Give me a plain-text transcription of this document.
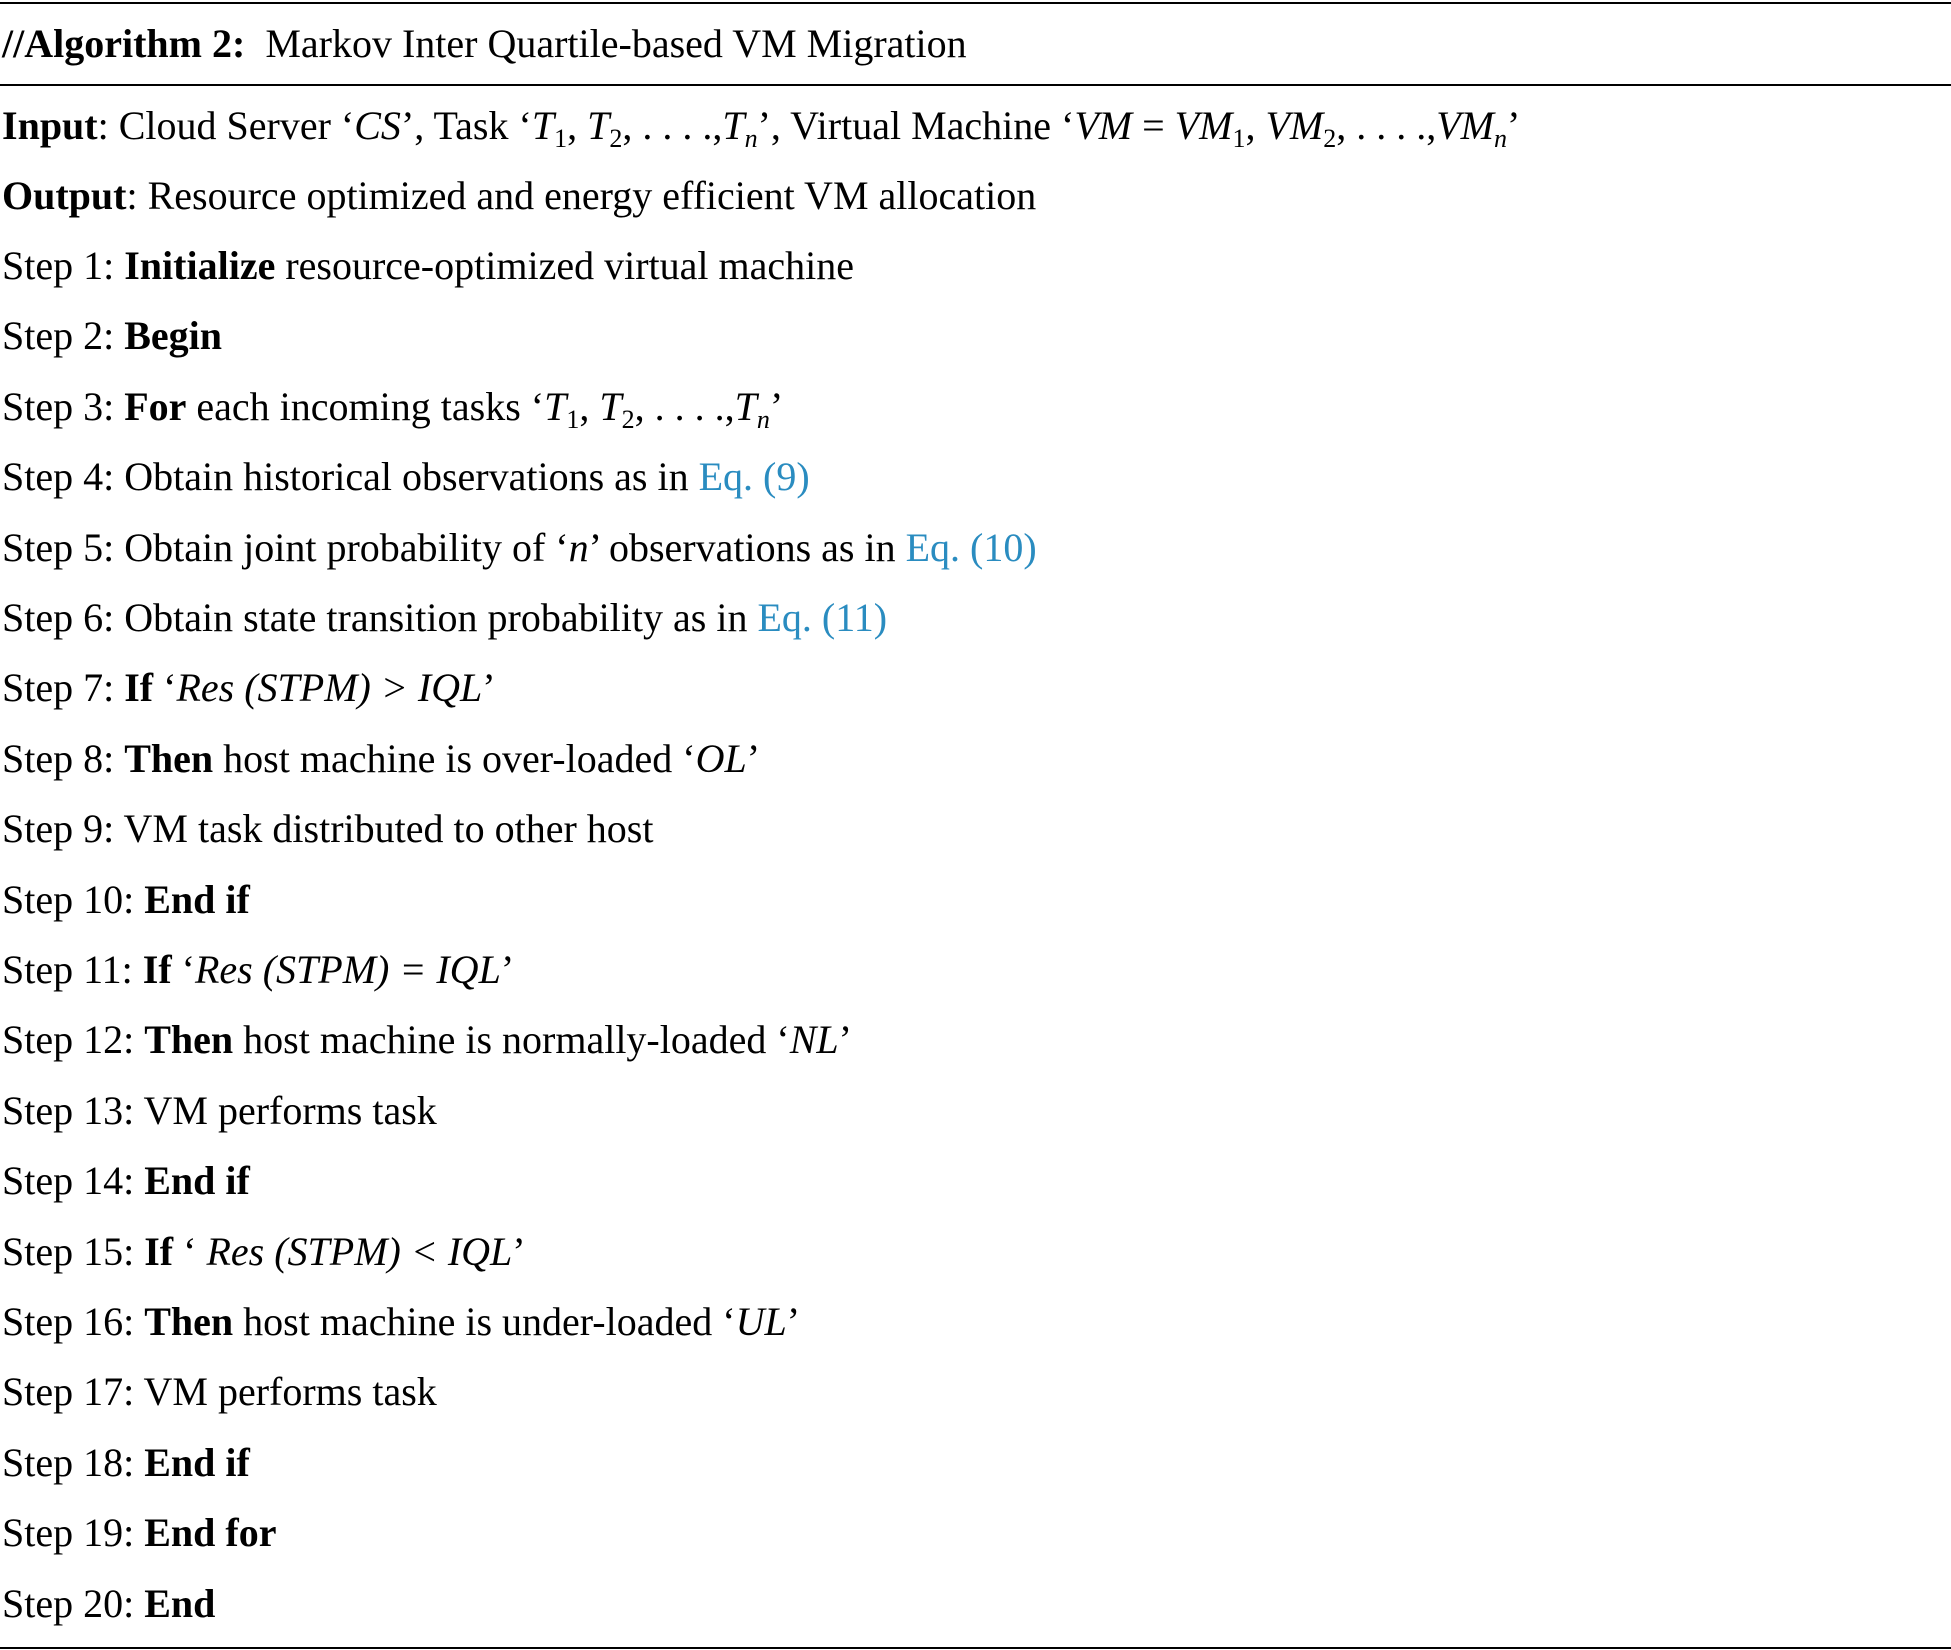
//Algorithm 2: Markov Inter Quartile-based VM Migration
Input: Cloud Server ‘CS’, Task ‘$T_1$, $T_2$, . . . $.,T_n$’, Virtual Machine ‘VM = $VM_1$, $VM_2$, . . . $.,VM_n$’
Output: Resource optimized and energy efficient VM allocation
Step 1: Initialize resource-optimized virtual machine
Step 2: Begin
Step 3: For each incoming tasks ‘$T_1$, $T_2$, . . . $.,T_n$’
Step 4: Obtain historical observations as in Eq. (9)
Step 5: Obtain joint probability of ‘n’ observations as in Eq. (10)
Step 6: Obtain state transition probability as in Eq. (11)
Step 7: If ‘Res (STPM) > IQL’
Step 8: Then host machine is over-loaded ‘OL’
Step 9: VM task distributed to other host
Step 10: End if
Step 11: If ‘Res (STPM) = IQL’
Step 12: Then host machine is normally-loaded ‘NL’
Step 13: VM performs task
Step 14: End if
Step 15: If ‘ Res (STPM) < IQL’
Step 16: Then host machine is under-loaded ‘UL’
Step 17: VM performs task
Step 18: End if
Step 19: End for
Step 20: End
